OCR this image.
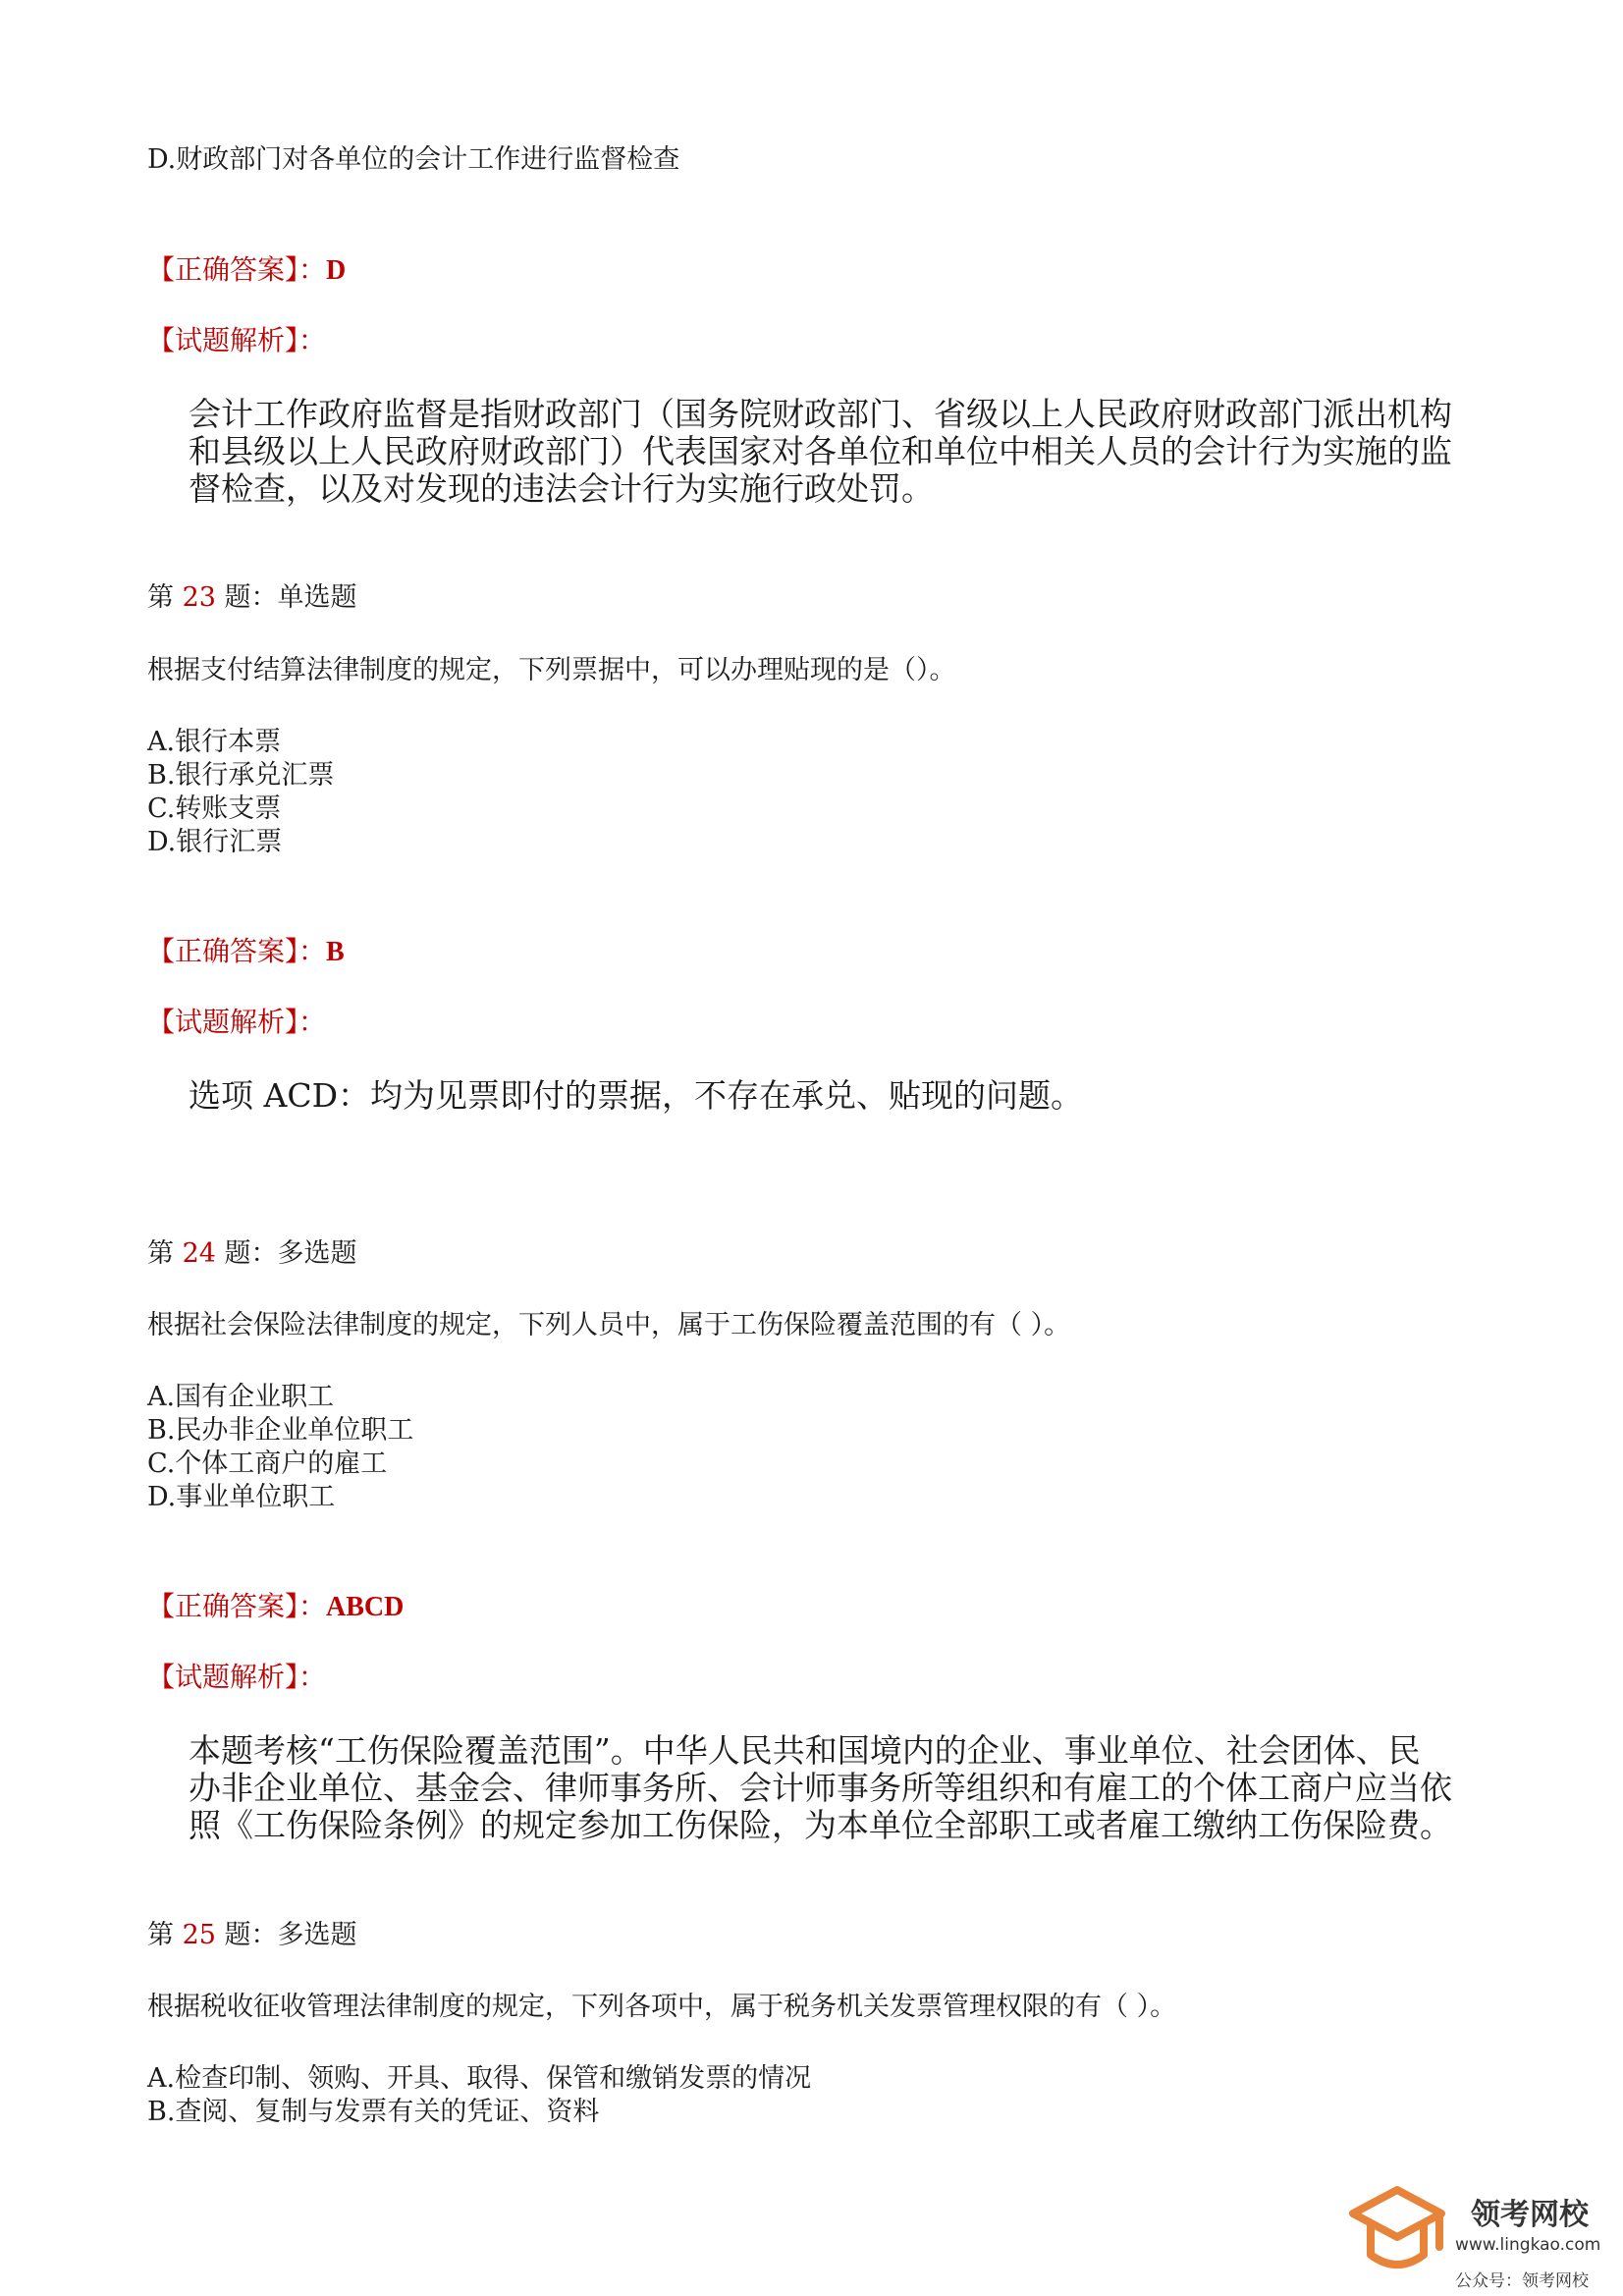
D.财政部门对各单位的会计工作进行监督检查
【正确答案】：D
【试题解析】：
会计工作政府监督是指财政部门（国务院财政部门、省级以上人民政府财政部门派出机构
和县级以上人民政府财政部门）代表国家对各单位和单位中相关人员的会计行为实施的监
督检查，以及对发现的违法会计行为实施行政处罚。
第 23 题：单选题
根据支付结算法律制度的规定，下列票据中，可以办理贴现的是（）。
A.银行本票
B.银行承兑汇票
C.转账支票
D.银行汇票
【正确答案】：B
【试题解析】：
选项 ACD：均为见票即付的票据，不存在承兑、贴现的问题。
第 24 题：多选题
根据社会保险法律制度的规定，下列人员中，属于工伤保险覆盖范围的有（ ）。
A.国有企业职工
B.民办非企业单位职工
C.个体工商户的雇工
D.事业单位职工
【正确答案】：ABCD
【试题解析】：
本题考核“工伤保险覆盖范围”。中华人民共和国境内的企业、事业单位、社会团体、民
办非企业单位、基金会、律师事务所、会计师事务所等组织和有雇工的个体工商户应当依
照《工伤保险条例》的规定参加工伤保险，为本单位全部职工或者雇工缴纳工伤保险费。
第 25 题：多选题
根据税收征收管理法律制度的规定，下列各项中，属于税务机关发票管理权限的有（ ）。
A.检查印制、领购、开具、取得、保管和缴销发票的情况
B.查阅、复制与发票有关的凭证、资料
领考网校
www.lingkao.com
公众号：领考网校
